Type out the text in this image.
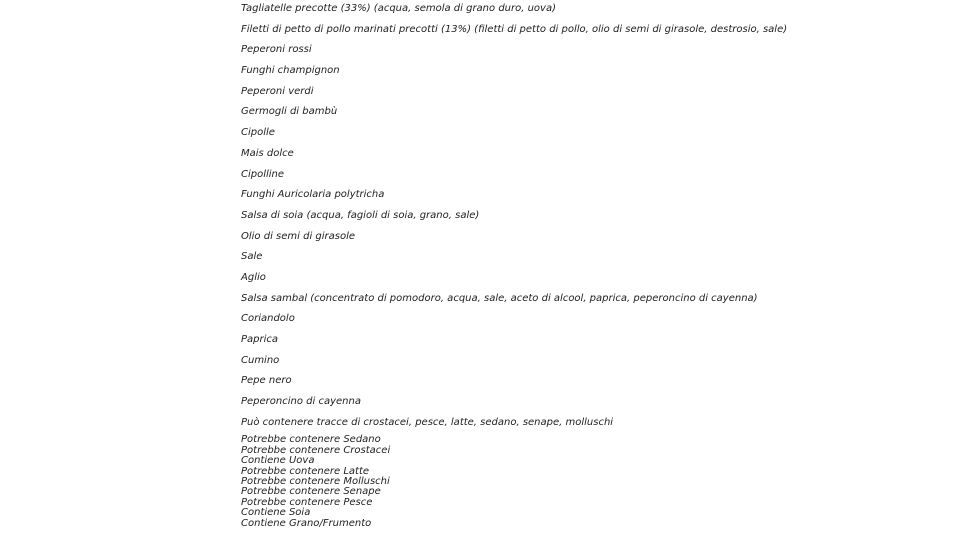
Tagliatelle precotte (33%) (acqua, semola di grano duro, uova)
Filetti di petto di pollo marinati precotti (13%) (filetti di petto di pollo, olio di semi di girasole, destrosio, sale)
Peperoni rossi
Funghi champignon
Peperoni verdi
Germogli di bambù
Cipolle
Mais dolce
Cipolline
Funghi Auricolaria polytricha
Salsa di soia (acqua, fagioli di soia, grano, sale)
Olio di semi di girasole
Sale
Aglio
Salsa sambal (concentrato di pomodoro, acqua, sale, aceto di alcool, paprica, peperoncino di cayenna)
Coriandolo
Paprica
Cumino
Pepe nero
Peperoncino di cayenna
Può contenere tracce di crostacei, pesce, latte, sedano, senape, molluschi
Potrebbe contenere Sedano
Potrebbe contenere Crostacei
Contiene Uova
Potrebbe contenere Latte
Potrebbe contenere Molluschi
Potrebbe contenere Senape
Potrebbe contenere Pesce
Contiene Soia
Contiene Grano/Frumento
